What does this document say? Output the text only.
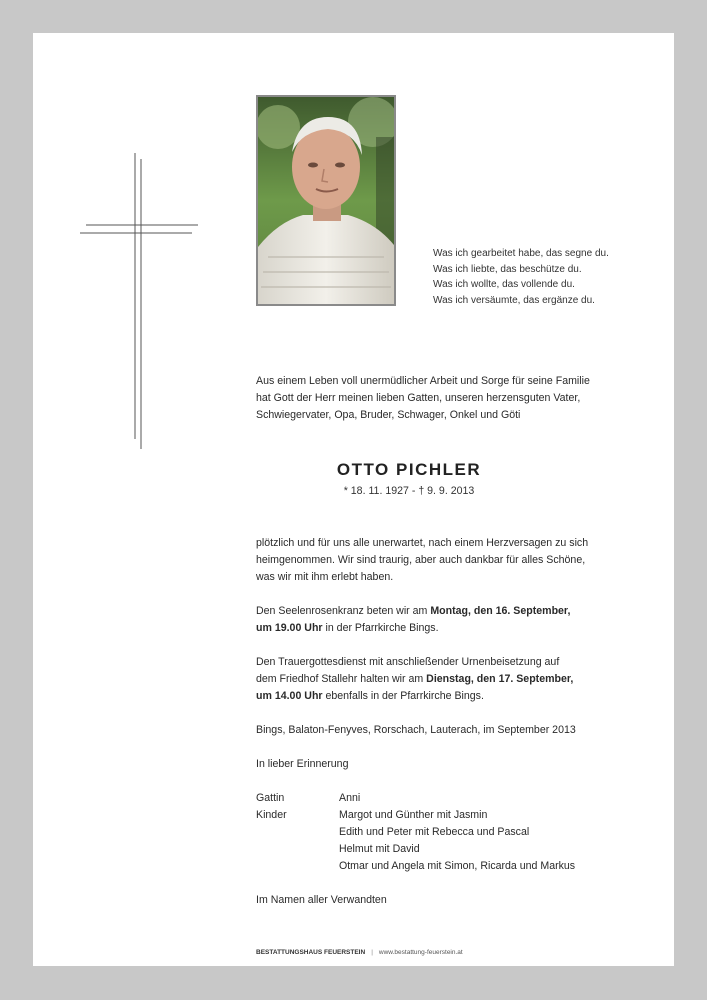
Was ich gearbeitet habe, das segne du.
Was ich liebte, das beschütze du.
Was ich wollte, das vollende du.
Was ich versäumte, das ergänze du.
Aus einem Leben voll unermüdlicher Arbeit und Sorge für seine Familie
hat Gott der Herr meinen lieben Gatten, unseren herzensguten Vater,
Schwiegervater, Opa, Bruder, Schwager, Onkel und Göti
OTTO PICHLER
* 18. 11. 1927 - † 9. 9. 2013
plötzlich und für uns alle unerwartet, nach einem Herzversagen zu sich
heimgenommen. Wir sind traurig, aber auch dankbar für alles Schöne,
was wir mit ihm erlebt haben.
Den Seelenrosenkranz beten wir am Montag, den 16. September,
um 19.00 Uhr in der Pfarrkirche Bings.
Den Trauergottesdienst mit anschließender Urnenbeisetzung auf
dem Friedhof Stallehr halten wir am Dienstag, den 17. September,
um 14.00 Uhr ebenfalls in der Pfarrkirche Bings.
Bings, Balaton-Fenyves, Rorschach, Lauterach, im September 2013
In lieber Erinnerung
Gattin	Anni
Kinder	Margot und Günther mit Jasmin
Edith und Peter mit Rebecca und Pascal
Helmut mit David
Otmar und Angela mit Simon, Ricarda und Markus
Im Namen aller Verwandten
BESTATTUNGSHAUS FEUERSTEIN | www.bestattung-feuerstein.at
